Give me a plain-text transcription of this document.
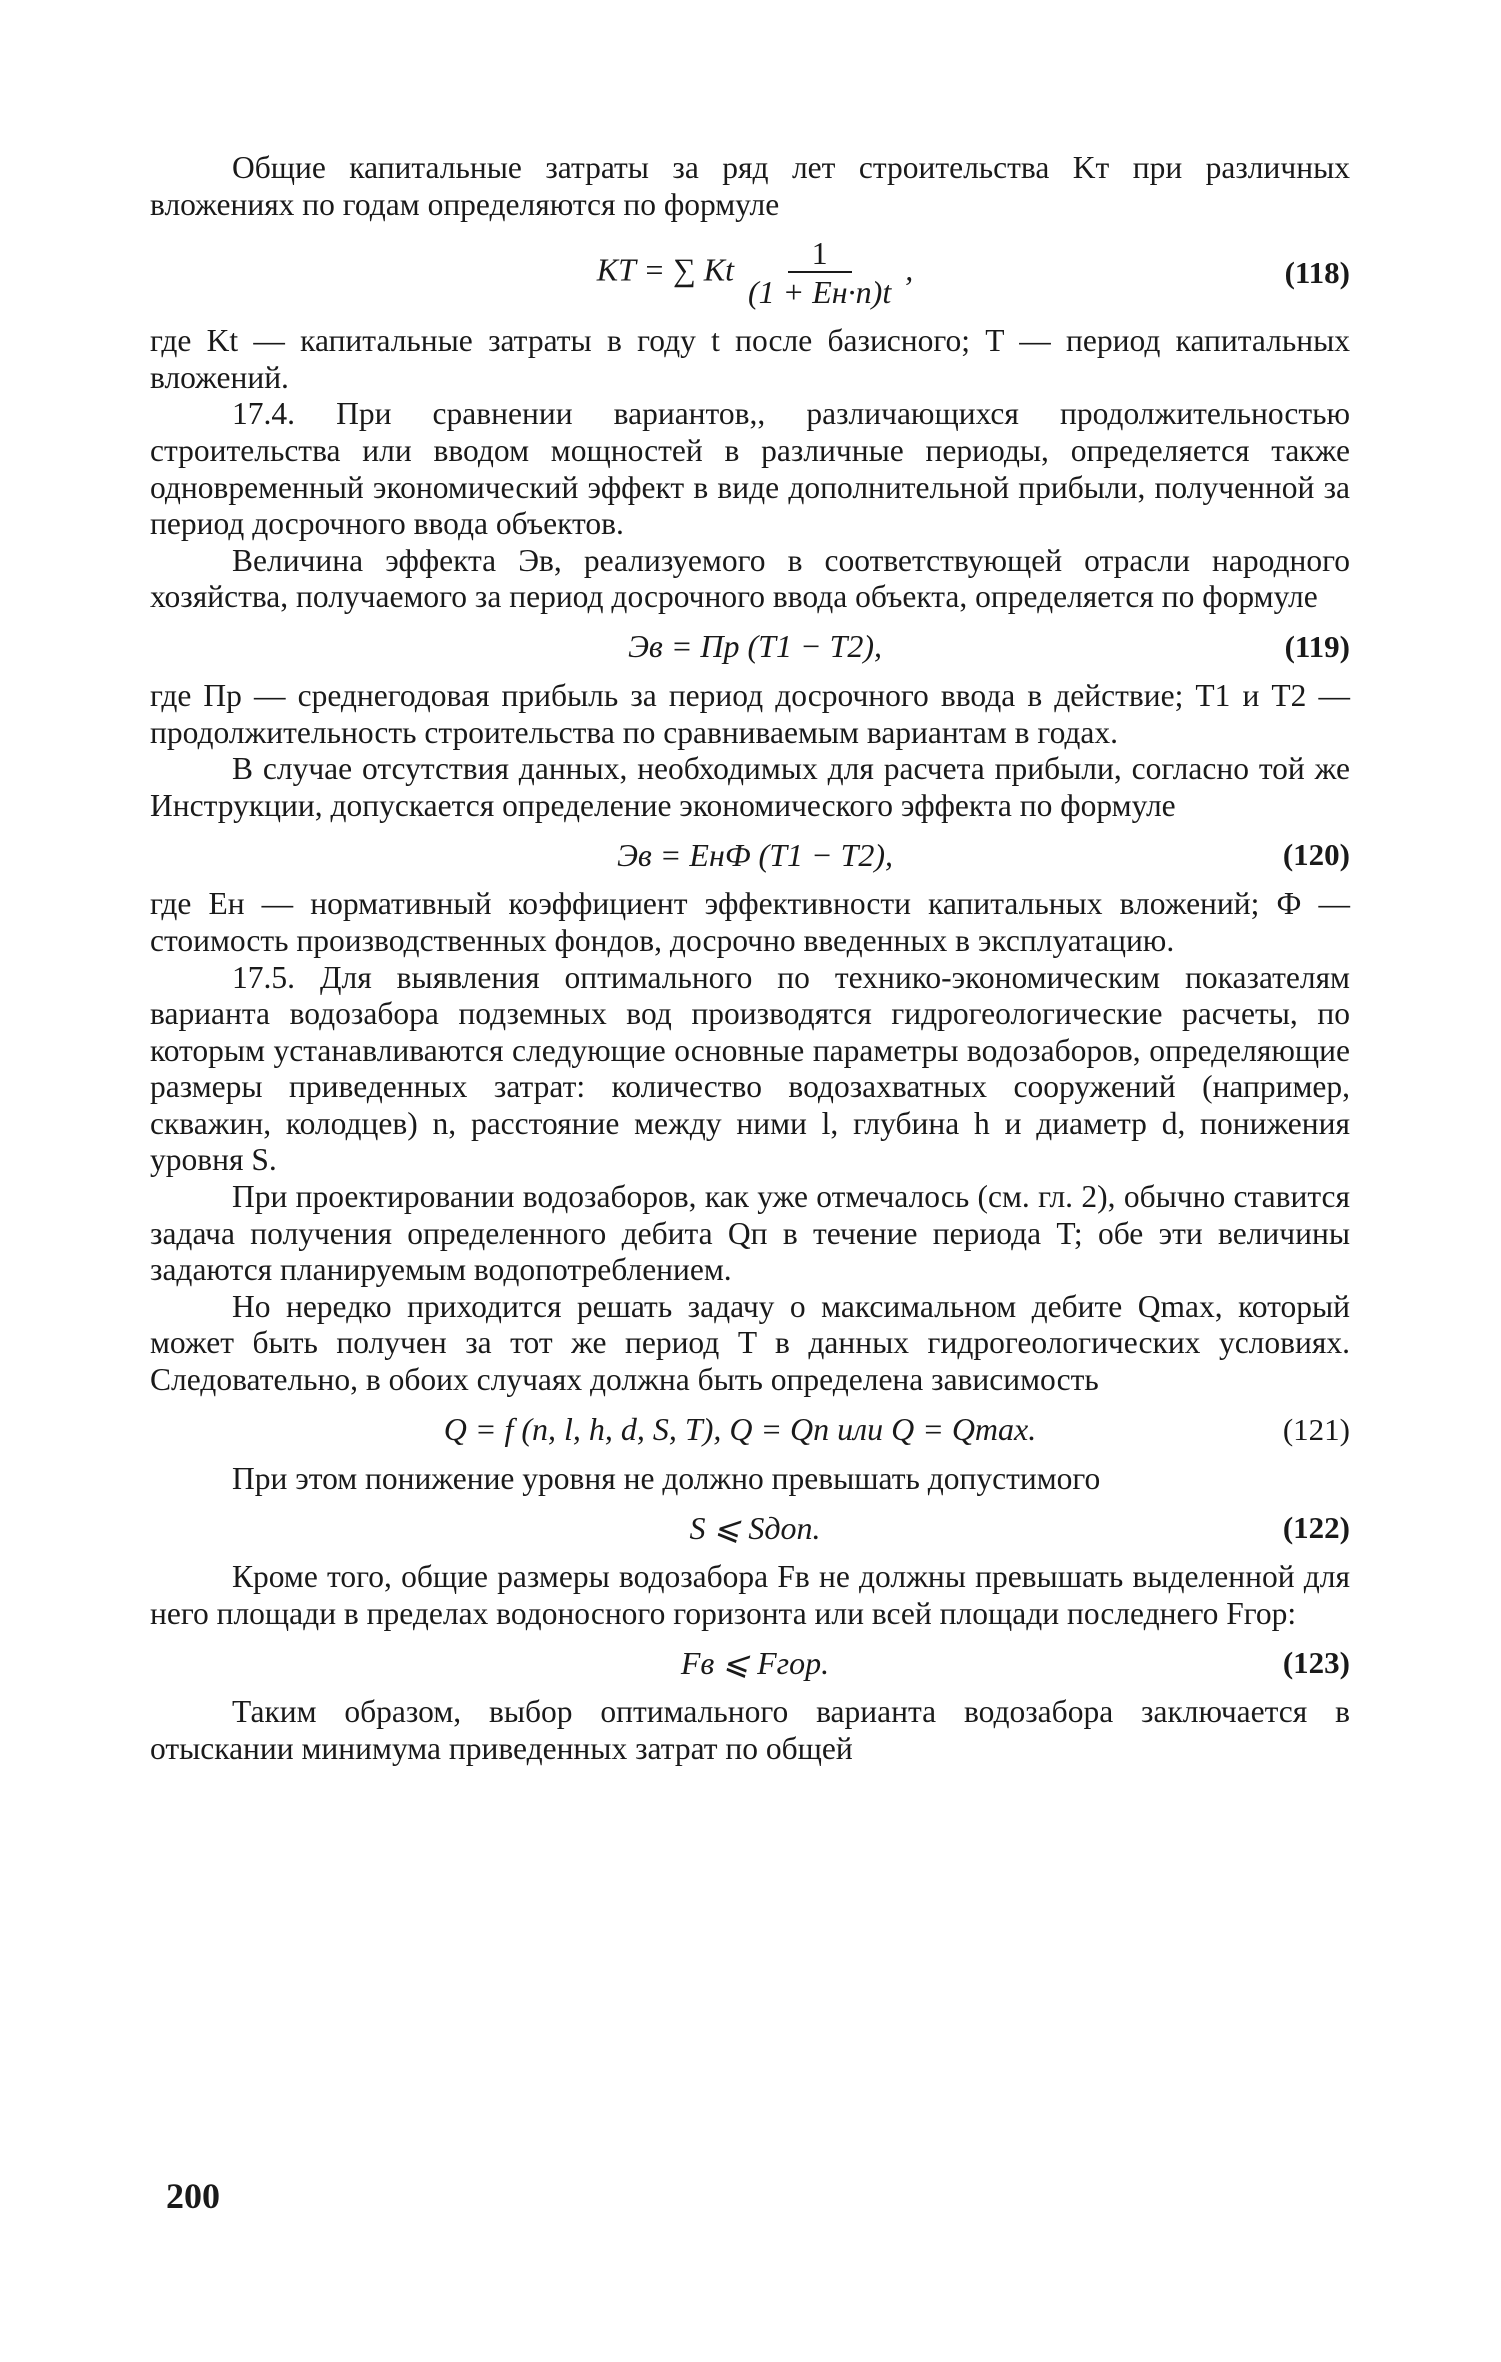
Общие капитальные затраты за ряд лет строительства Kт при различных вложениях по годам определяются по формуле

KT = ∑ Kt $\frac{1}{(1 + Eн\cdot п)t}$ ,	(118)

где Kt — капитальные затраты в году t после базисного; T — период капитальных вложений.

17.4. При сравнении вариантов,, различающихся продолжительностью строительства или вводом мощностей в различные периоды, определяется также одновременный экономический эффект в виде дополнительной прибыли, полученной за период досрочного ввода объектов.

Величина эффекта Эв, реализуемого в соответствующей отрасли народного хозяйства, получаемого за период досрочного ввода объекта, определяется по формуле

Эв = Пр (T1 − T2),	(119)

где Пр — среднегодовая прибыль за период досрочного ввода в действие; T1 и T2 — продолжительность строительства по сравниваемым вариантам в годах.

В случае отсутствия данных, необходимых для расчета прибыли, согласно той же Инструкции, допускается определение экономического эффекта по формуле

Эв = EнФ (T1 − T2),	(120)

где Eн — нормативный коэффициент эффективности капитальных вложений; Ф — стоимость производственных фондов, досрочно введенных в эксплуатацию.

17.5. Для выявления оптимального по технико-экономическим показателям варианта водозабора подземных вод производятся гидрогеологические расчеты, по которым устанавливаются следующие основные параметры водозаборов, определяющие размеры приведенных затрат: количество водозахватных сооружений (например, скважин, колодцев) n, расстояние между ними l, глубина h и диаметр d, понижения уровня S.

При проектировании водозаборов, как уже отмечалось (см. гл. 2), обычно ставится задача получения определенного дебита Qп в течение периода T; обе эти величины задаются планируемым водопотреблением.

Но нередко приходится решать задачу о максимальном дебите Qmax, который может быть получен за тот же период T в данных гидрогеологических условиях. Следовательно, в обоих случаях должна быть определена зависимость

Q = f (n, l, h, d, S, T), Q = Qп или Q = Qmax.	(121)

При этом понижение уровня не должно превышать допустимого

S ⩽ Sдоп.	(122)

Кроме того, общие размеры водозабора Fв не должны превышать выделенной для него площади в пределах водоносного горизонта или всей площади последнего Fгор:

Fв ⩽ Fгор.	(123)

Таким образом, выбор оптимального варианта водозабора заключается в отыскании минимума приведенных затрат по общей

200
